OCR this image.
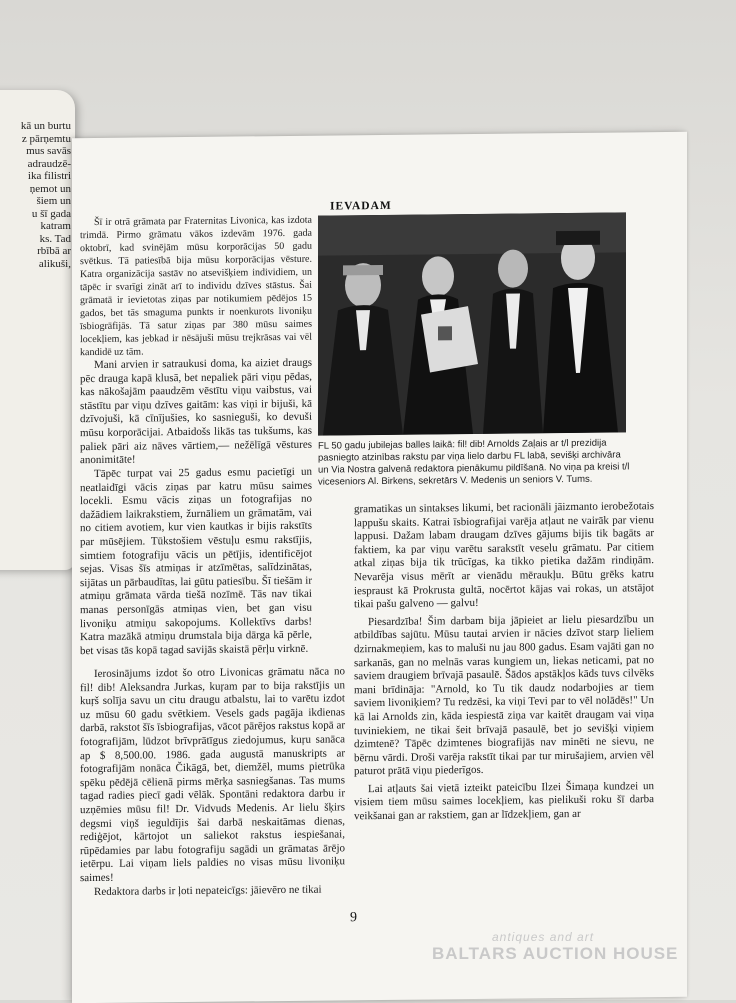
kā un burtu
z pārņemtu
mus savās
adraudzē-
ika filistri
ņemot un
šiem un
u šī gada
katram
ks. Tad
rbībā ar
alikuši,
IEVADAM

Šī ir otrā grāmata par Fraternitas Livonica, kas izdota trimdā. Pirmo grāmatu vākos izdevām 1976. gada oktobrī, kad svinējām mūsu korporācijas 50 gadu svētkus. Tā patiesībā bija mūsu korporācijas vēsture. Katra organizācija sastāv no atsevišķiem individiem, un tāpēc ir svarīgi zināt arī to individu dzīves stāstus. Šai grāmatā ir ievietotas ziņas par notikumiem pēdējos 15 gados, bet tās smaguma punkts ir noenkurots livoniķu īsbiogrāfijās. Tā satur ziņas par 380 mūsu saimes locekļiem, kas jebkad ir nēsājuši mūsu trejkrāsas vai vēl kandidē uz tām.

Mani arvien ir satraukusi doma, ka aiziet draugs pēc drauga kapā klusā, bet nepaliek pāri viņu pēdas, kas nākošajām paaudzēm vēstītu viņu vaibstus, vai stāstītu par viņu dzīves gaitām: kas viņi ir bijuši, kā dzīvojuši, kā cīnījušies, ko sasnieguši, ko devuši mūsu korporācijai. Atbaidošs likās tas tukšums, kas paliek pāri aiz nāves vārtiem,— nežēlīgā vēstures anonimitāte!

FL 50 gadu jubilejas balles laikā: fil! dib! Arnolds Zaļais ar t/l prezidija pasniegto atzinības rakstu par viņa lielo darbu FL labā, sevišķi archivāra un Via Nostra galvenā redaktora pienākumu pildīšanā. No viņa pa kreisi t/l viceseniors Al. Birkens, sekretārs V. Medenis un seniors V. Tums.

Tāpēc turpat vai 25 gadus esmu pacietīgi un neatlaidīgi vācis ziņas par katru mūsu saimes locekli. Esmu vācis ziņas un fotografijas no dažādiem laikrakstiem, žurnāliem un grāmatām, vai no citiem avotiem, kur vien kautkas ir bijis rakstīts par mūsējiem. Tūkstošiem vēstuļu esmu rakstījis, simtiem fotografiju vācis un pētījis, identificējot sejas. Visas šīs atmiņas ir atzīmētas, salīdzinātas, sijātas un pārbaudītas, lai gūtu patiesību. Šī tiešām ir atmiņu grāmata vārda tiešā nozīmē. Tās nav tikai manas personīgās atmiņas vien, bet gan visu livoniķu atmiņu sakopojums. Kollektīvs darbs! Katra mazākā atmiņu drumstala bija dārga kā pērle, bet visas tās kopā tagad savijās skaistā pērļu virknē.

Ierosinājums izdot šo otro Livonicas grāmatu nāca no fil! dib! Aleksandra Jurkas, kuŗam par to bija rakstījis un kuŗš solīja savu un citu draugu atbalstu, lai to varētu izdot uz mūsu 60 gadu svētkiem. Vesels gads pagāja ikdienas darbā, rakstot šīs īsbiografijas, vācot pārējos rakstus kopā ar fotografijām, lūdzot brīvprātīgus ziedojumus, kuŗu sanāca ap $ 8,500.00. 1986. gada augustā manuskripts ar fotografijām nonāca Čikāgā, bet, diemžēl, mums pietrūka spēku pēdējā cēlienā pirms mērķa sasniegšanas. Tas mums tagad radies piecī gadi vēlāk. Spontāni redaktora darbu ir uzņēmies mūsu fil! Dr. Vidvuds Medenis. Ar lielu šķirs degsmi viņš ieguldījis šai darbā neskaitāmas dienas, rediģējot, kārtojot un saliekot rakstus iespiešanai, rūpēdamies par labu fotografiju sagādi un grāmatas ārējo ietērpu. Lai viņam liels paldies no visas mūsu livoniķu saimes!

Redaktora darbs ir ļoti nepateicīgs: jāievēro ne tikai

gramatikas un sintakses likumi, bet racionāli jāizmanto ierobežotais lappušu skaits. Katrai īsbiografijai varēja atļaut ne vairāk par vienu lappusi. Dažam labam draugam dzīves gājums bijis tik bagāts ar faktiem, ka par viņu varētu sarakstīt veselu grāmatu. Par citiem atkal ziņas bija tik trūcīgas, ka tikko pietika dažām rindiņām. Nevarēja visus mērīt ar vienādu mēraukļu. Būtu grēks katru iespraust kā Prokrusta gultā, nocērtot kājas vai rokas, un atstājot tikai pašu galveno — galvu!

Piesardzība! Šim darbam bija jāpieiet ar lielu piesardzību un atbildības sajūtu. Mūsu tautai arvien ir nācies dzīvot starp lieliem dzirnakmeņiem, kas to maluši nu jau 800 gadus. Esam vajāti gan no sarkanās, gan no melnās varas kungiem un, liekas neticami, pat no saviem draugiem brīvajā pasaulē. Šādos apstākļos kāds tuvs cilvēks mani brīdināja: "Arnold, ko Tu tik daudz nodarbojies ar tiem saviem livoniķiem? Tu redzēsi, ka viņi Tevi par to vēl nolādēs!" Un kā lai Arnolds zin, kāda iespiestā ziņa var kaitēt draugam vai viņa tuviniekiem, ne tikai šeit brīvajā pasaulē, bet jo sevišķi viņiem dzimtenē? Tāpēc dzimtenes biografijās nav minēti ne sievu, ne bērnu vārdi. Droši varēja rakstīt tikai par tur mirušajiem, arvien vēl paturot prātā viņu piederīgos.

Lai atļauts šai vietā izteikt pateicību Ilzei Šimaņa kundzei un visiem tiem mūsu saimes locekļiem, kas pielikuši roku šī darba veikšanai gan ar rakstiem, gan ar līdzekļiem, gan ar

9
antiques and art
BALTARS AUCTION HOUSE
